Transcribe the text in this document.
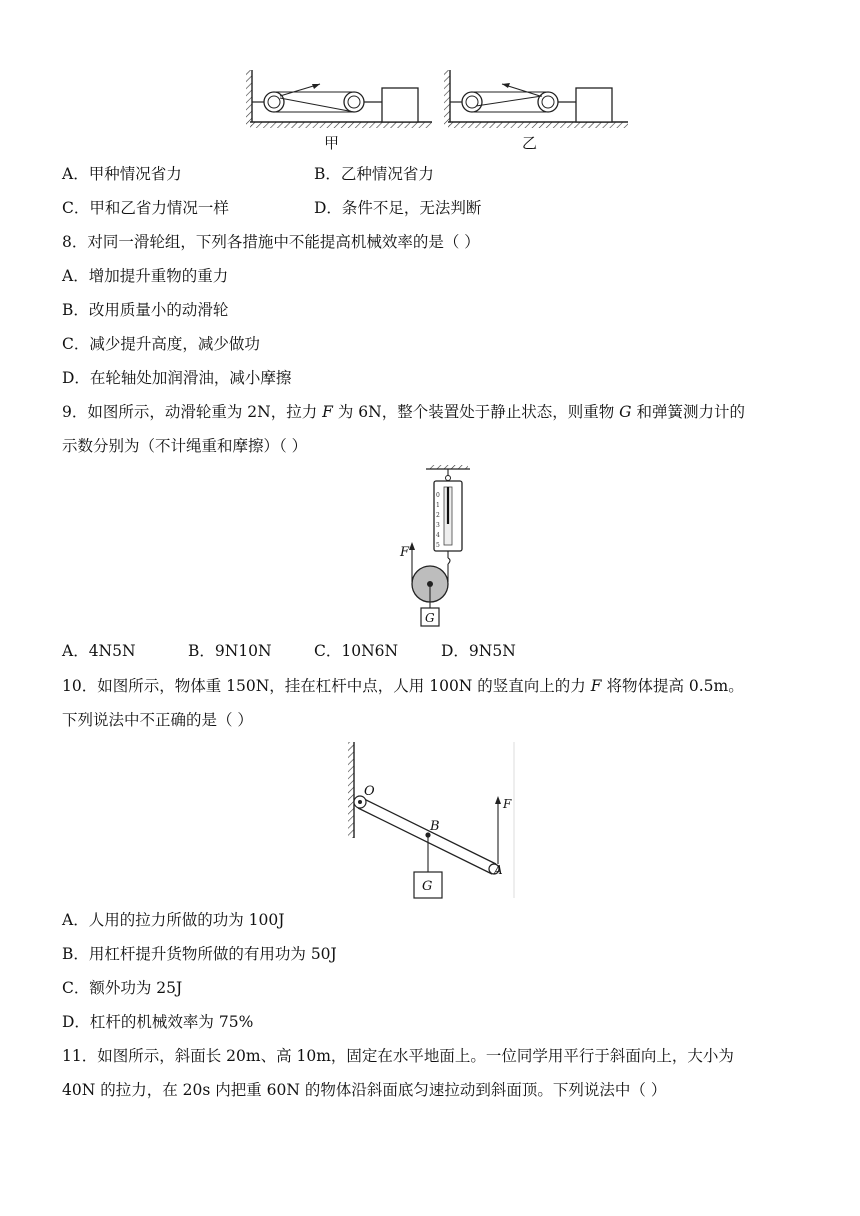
甲	乙
A．甲种情况省力	B．乙种情况省力
C．甲和乙省力情况一样	D．条件不足，无法判断
8．对同一滑轮组，下列各措施中不能提高机械效率的是（ ）
A．增加提升重物的重力
B．改用质量小的动滑轮
C．减少提升高度，减少做功
D．在轮轴处加润滑油，减小摩擦
9．如图所示，动滑轮重为 2N，拉力 F 为 6N，整个装置处于静止状态，则重物 G 和弹簧测力计的
示数分别为（不计绳重和摩擦）（ ）
0
1
2
3
4
5
F
G
A．4N5N	B．9N10N	C．10N6N	D．9N5N
10．如图所示，物体重 150N，挂在杠杆中点，人用 100N 的竖直向上的力 F 将物体提高 0.5m。
下列说法中不正确的是（ ）
O
B
G
A
F
A．人用的拉力所做的功为 100J
B．用杠杆提升货物所做的有用功为 50J
C．额外功为 25J
D．杠杆的机械效率为 75%
11．如图所示，斜面长 20m、高 10m，固定在水平地面上。一位同学用平行于斜面向上，大小为
40N 的拉力，在 20s 内把重 60N 的物体沿斜面底匀速拉动到斜面顶。下列说法中（ ）
